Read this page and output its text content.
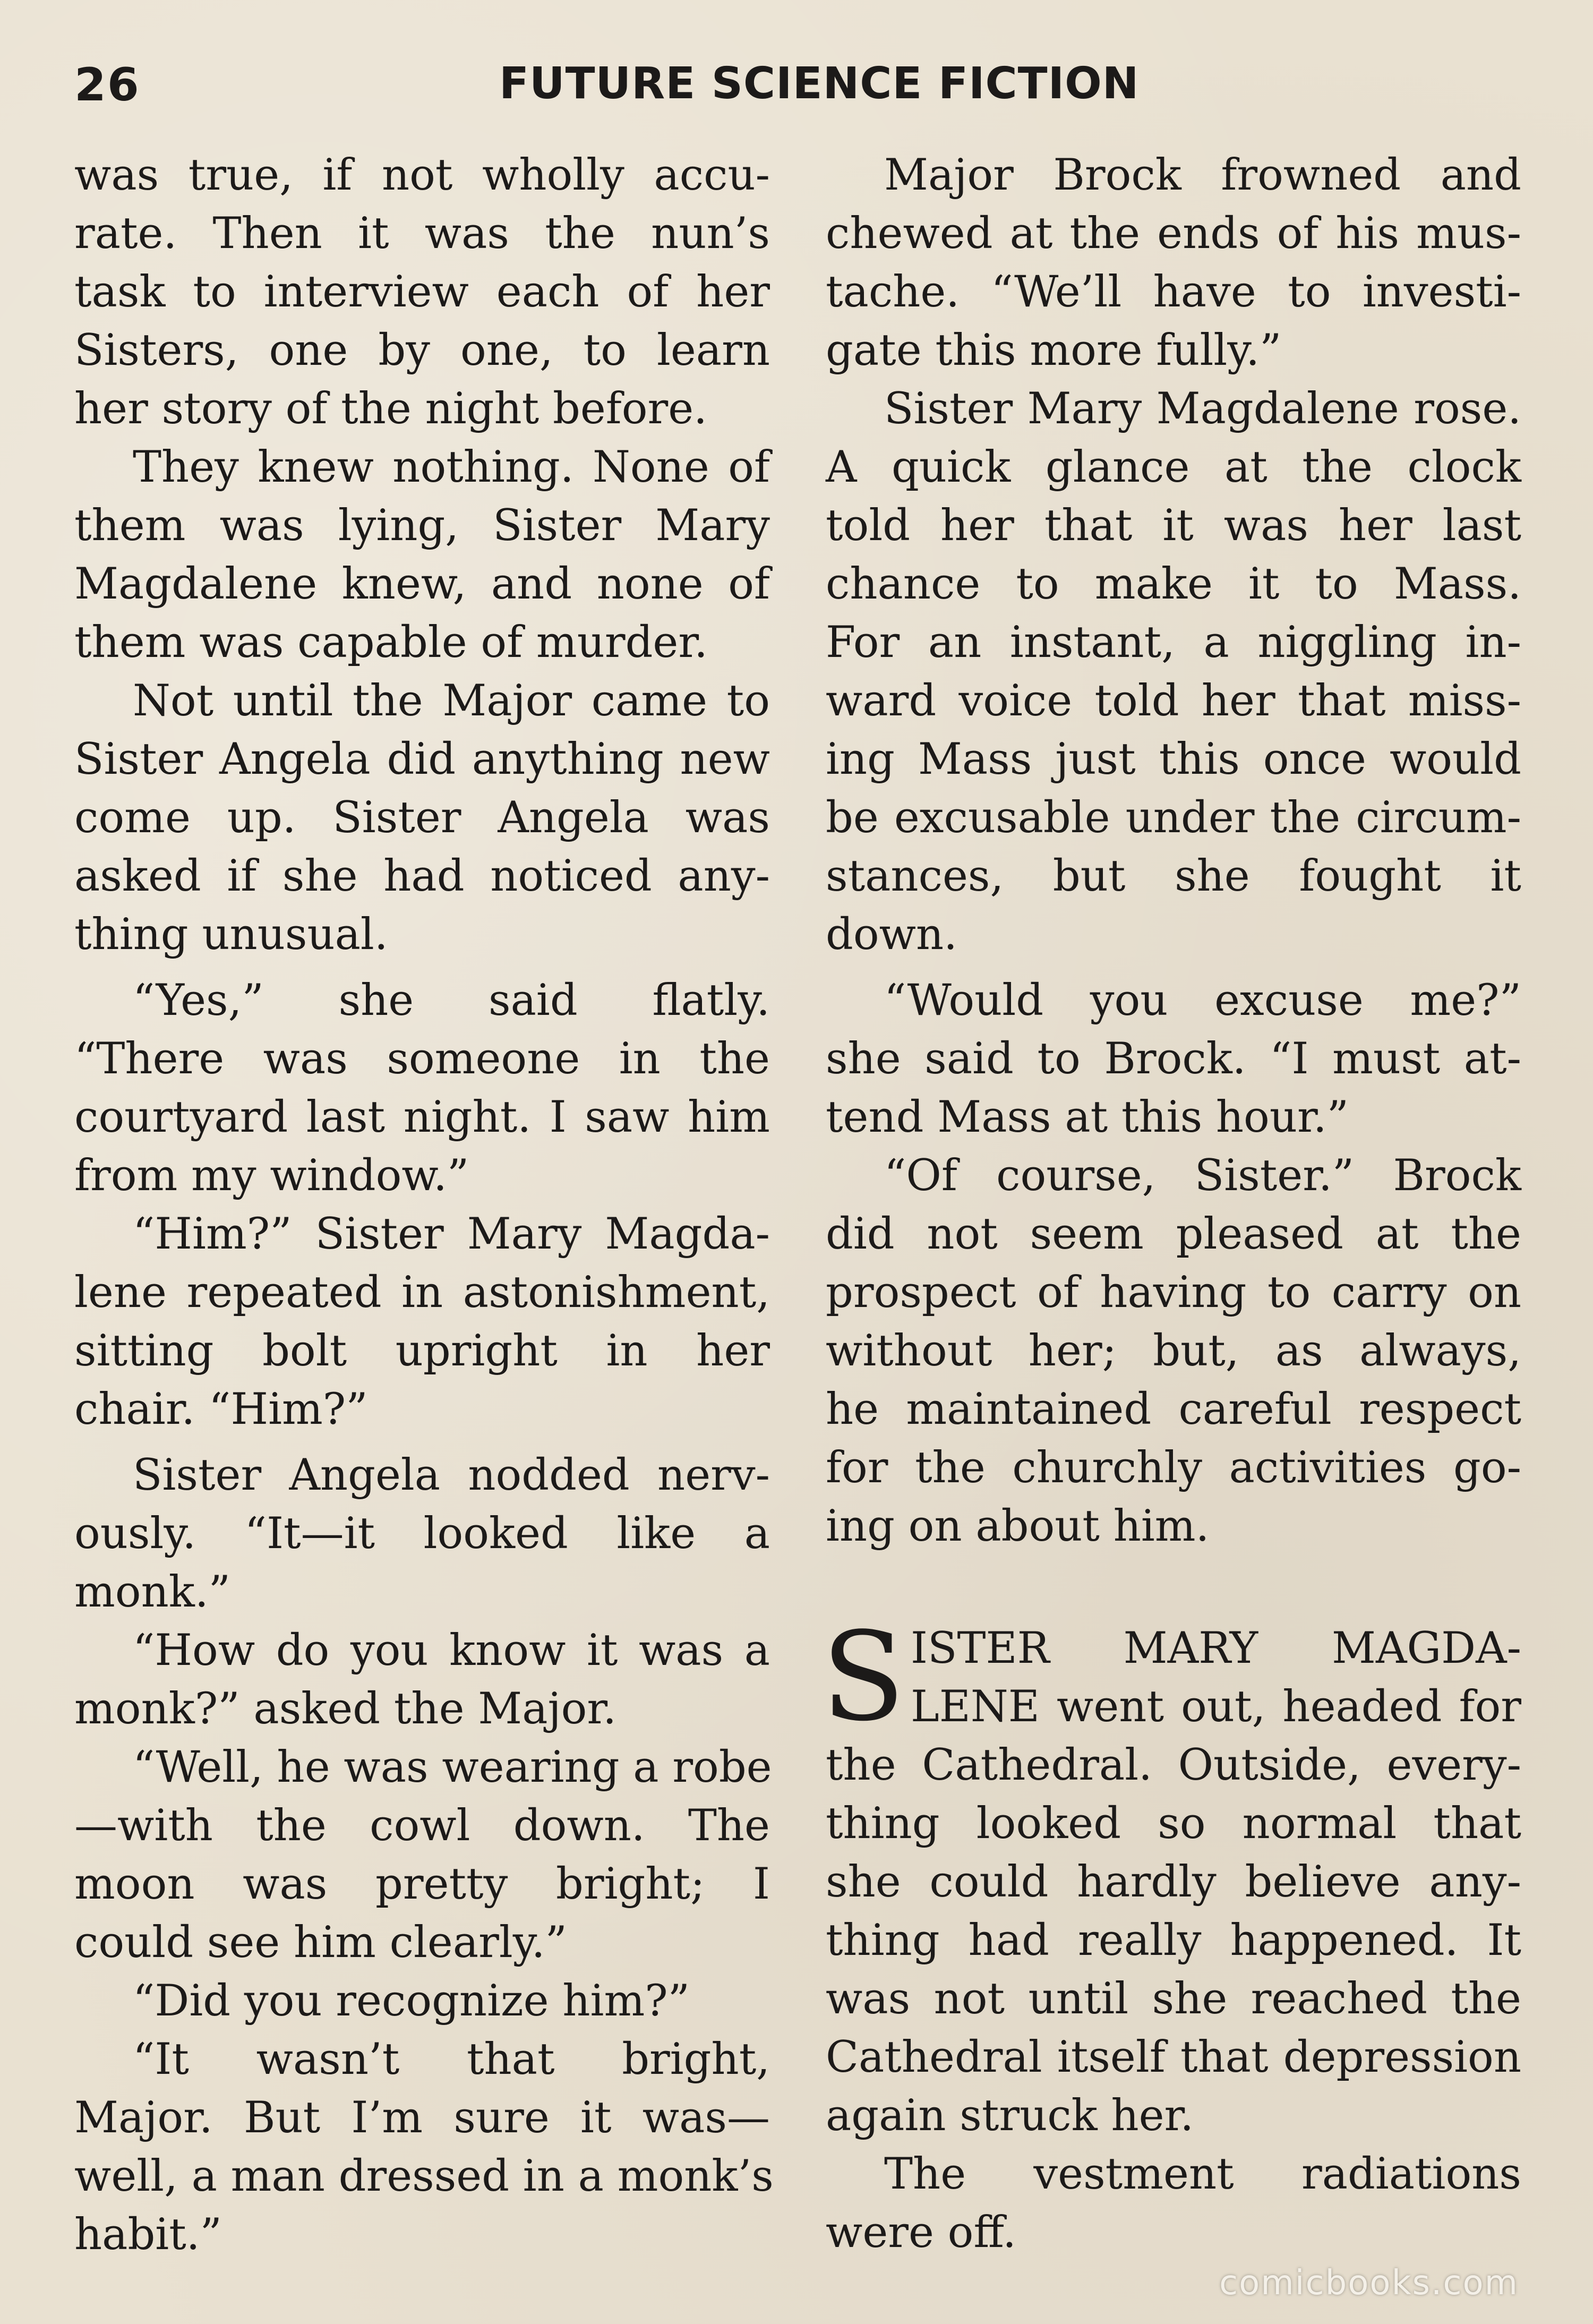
26	FUTURE SCIENCE FICTION
was true, if not wholly accu-
rate. Then it was the nun’s
task to interview each of her
Sisters, one by one, to learn
her story of the night before.
They knew nothing. None of
them was lying, Sister Mary
Magdalene knew, and none of
them was capable of murder.
Not until the Major came to
Sister Angela did anything new
come up. Sister Angela was
asked if she had noticed any-
thing unusual.
“Yes,” she said flatly.
“There was someone in the
courtyard last night. I saw him
from my window.”
“Him?” Sister Mary Magda-
lene repeated in astonishment,
sitting bolt upright in her
chair. “Him?”
Sister Angela nodded nerv-
ously. “It—it looked like a
monk.”
“How do you know it was a
monk?” asked the Major.
“Well, he was wearing a robe
—with the cowl down. The
moon was pretty bright; I
could see him clearly.”
“Did you recognize him?”
“It wasn’t that bright,
Major. But I’m sure it was—
well, a man dressed in a monk’s
habit.”
Major Brock frowned and
chewed at the ends of his mus-
tache. “We’ll have to investi-
gate this more fully.”
Sister Mary Magdalene rose.
A quick glance at the clock
told her that it was her last
chance to make it to Mass.
For an instant, a niggling in-
ward voice told her that miss-
ing Mass just this once would
be excusable under the circum-
stances, but she fought it
down.
“Would you excuse me?”
she said to Brock. “I must at-
tend Mass at this hour.”
“Of course, Sister.” Brock
did not seem pleased at the
prospect of having to carry on
without her; but, as always,
he maintained careful respect
for the churchly activities go-
ing on about him.
S ISTER MARY MAGDA-
LENE went out, headed for
the Cathedral. Outside, every-
thing looked so normal that
she could hardly believe any-
thing had really happened. It
was not until she reached the
Cathedral itself that depression
again struck her.
The vestment radiations
were off.
comicbooks.com
